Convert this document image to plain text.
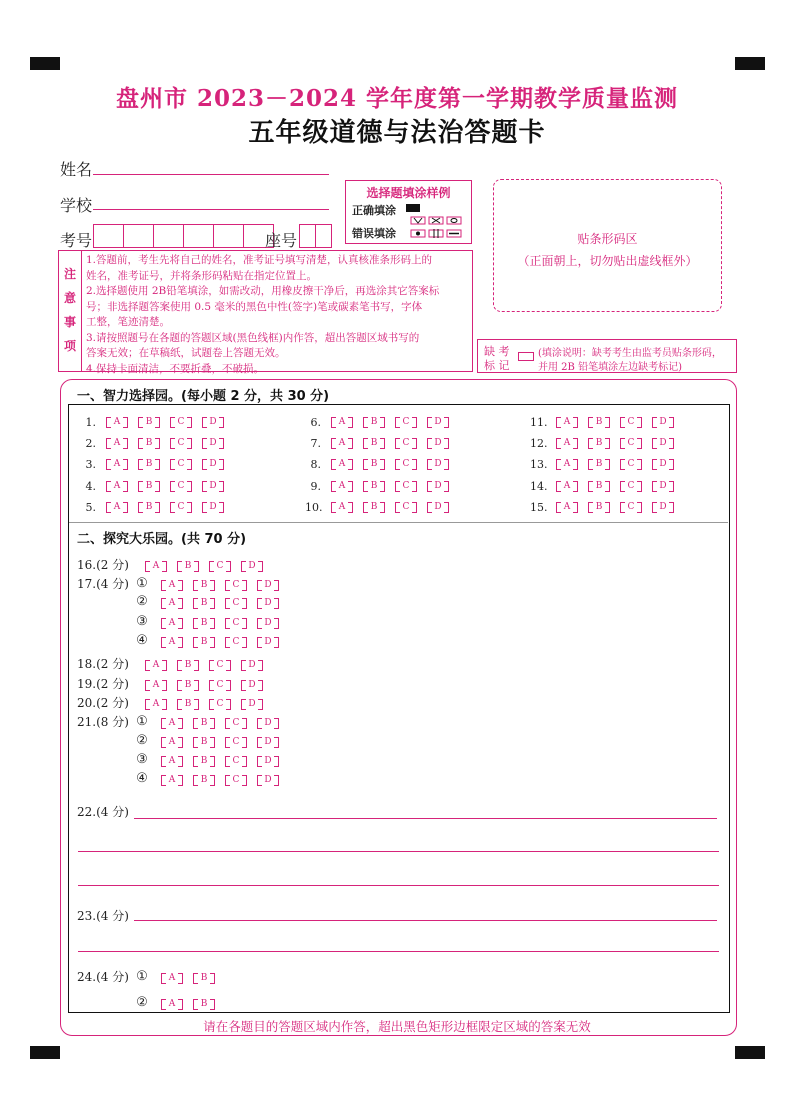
盘州市 2023－2024 学年度第一学期教学质量监测
五年级道德与法治答题卡
姓名
学校
考号	座号
选择题填涂样例
正确填涂
错误填涂	贴条形码区
（正面朝上，切勿贴出虚线框外）
注
意
事
项
1.答题前，考生先将自己的姓名，准考证号填写清楚，认真核准条形码上的
姓名，准考证号，并将条形码粘贴在指定位置上。
2.选择题使用 2B铅笔填涂，如需改动，用橡皮擦干净后，再选涂其它答案标
号；非选择题答案使用 0.5 毫米的黑色中性(签字)笔或碳素笔书写，字体
工整，笔迹清楚。
3.请按照题号在各题的答题区域(黑色线框)内作答，超出答题区域书写的
答案无效；在草稿纸，试题卷上答题无效。
4.保持卡面清洁，不要折叠，不破损。
缺 考
标 记
(填涂说明：缺考考生由监考员贴条形码，
并用 2B 铅笔填涂左边缺考标记)
一、智力选择园。(每小题 2 分，共 30 分)
1.	A	B	C	D
2.	A	B	C	D
3.	A	B	C	D
4.	A	B	C	D
5.	A	B	C	D
6.	A	B	C	D
7.	A	B	C	D
8.	A	B	C	D
9.	A	B	C	D
10.	A	B	C	D
11.	A	B	C	D
12.	A	B	C	D
13.	A	B	C	D
14.	A	B	C	D
15.	A	B	C	D
二、探究大乐园。(共 70 分)
16.(2 分)	A	B	C	D
17.(4 分) ①	A	B	C	D
②	A	B	C	D
③	A	B	C	D
④	A	B	C	D
18.(2 分)	A	B	C	D
19.(2 分)	A	B	C	D
20.(2 分)	A	B	C	D
21.(8 分) ①	A	B	C	D
②	A	B	C	D
③	A	B	C	D
④	A	B	C	D
22.(4 分)
23.(4 分)
24.(4 分) ①	A	B
②	A	B
请在各题目的答题区域内作答，超出黑色矩形边框限定区域的答案无效
